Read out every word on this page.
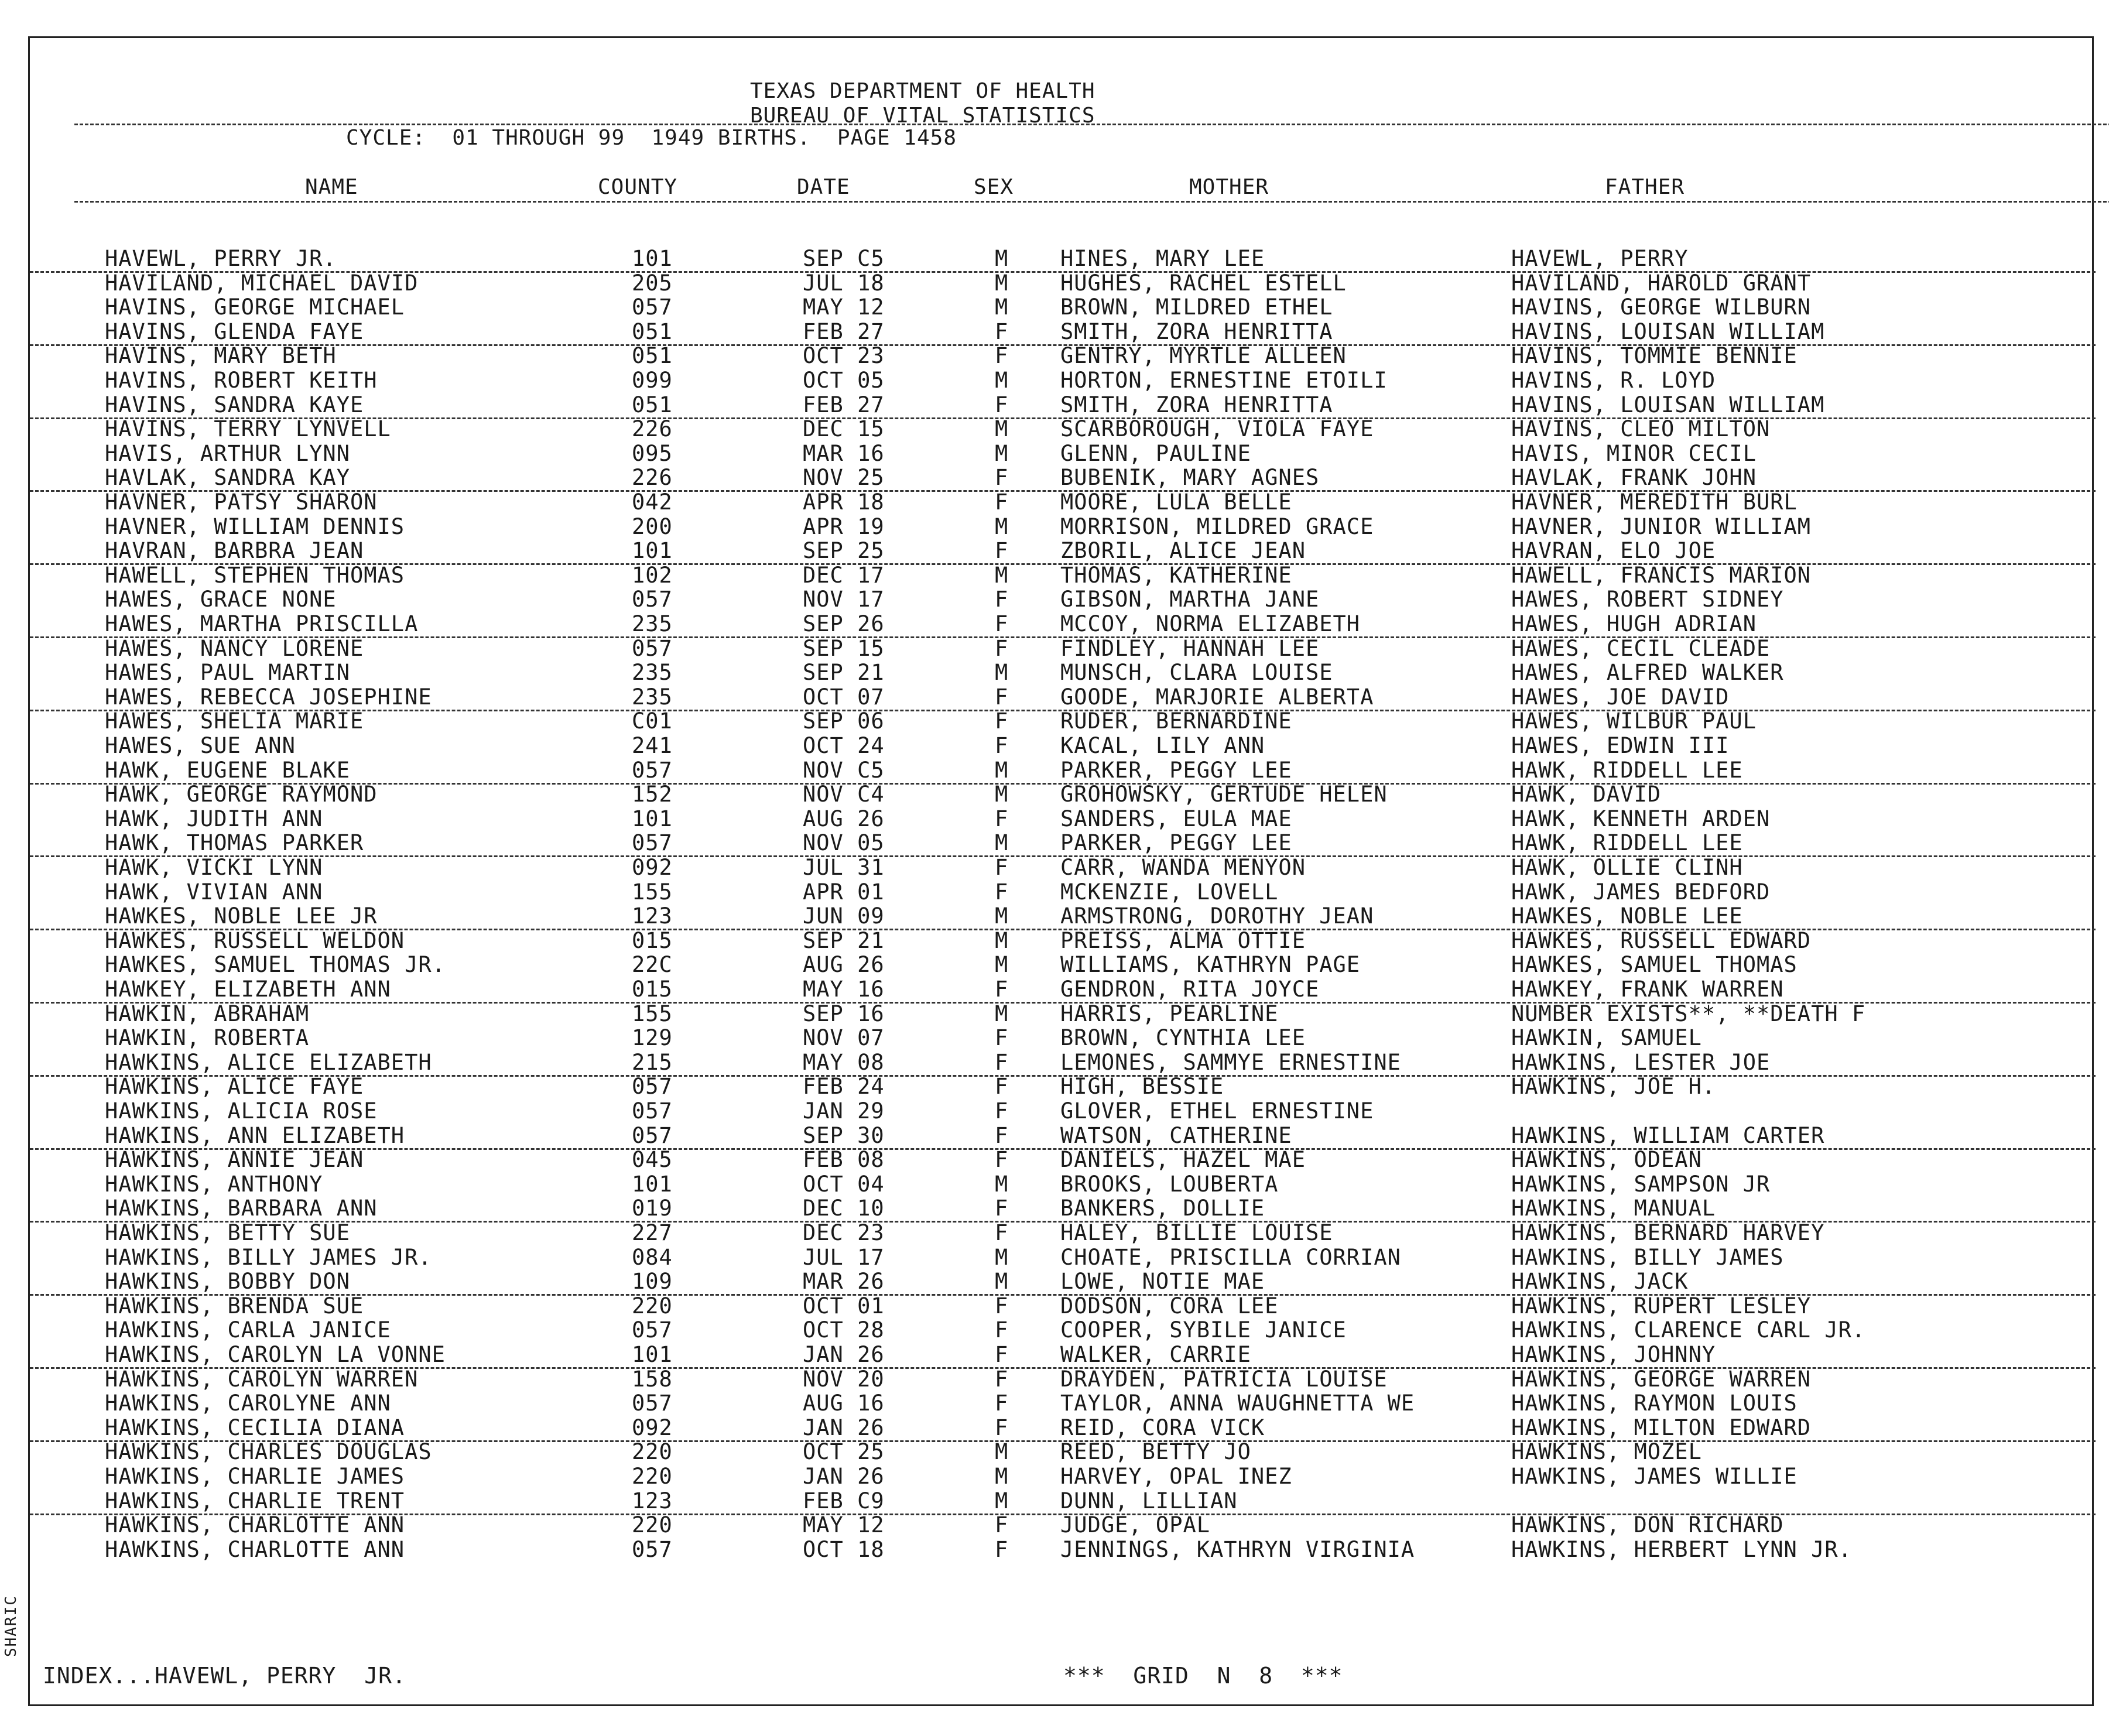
TEXAS DEPARTMENT OF HEALTH
BUREAU OF VITAL STATISTICS
CYCLE:  01 THROUGH 99  1949 BIRTHS.  PAGE 1458
NAME	COUNTY	DATE	SEX	MOTHER	FATHER
HAVEWL, PERRY JR.	101	SEP C5	M HINES, MARY LEE	HAVEWL, PERRY
HAVILAND, MICHAEL DAVID	205	JUL 18	M HUGHES, RACHEL ESTELL	HAVILAND, HAROLD GRANT
HAVINS, GEORGE MICHAEL	057	MAY 12	M BROWN, MILDRED ETHEL	HAVINS, GEORGE WILBURN
HAVINS, GLENDA FAYE	051	FEB 27	F SMITH, ZORA HENRITTA	HAVINS, LOUISAN WILLIAM
HAVINS, MARY BETH	051	OCT 23	F GENTRY, MYRTLE ALLEEN	HAVINS, TOMMIE BENNIE
HAVINS, ROBERT KEITH	099	OCT 05	M HORTON, ERNESTINE ETOILI	HAVINS, R. LOYD
HAVINS, SANDRA KAYE	051	FEB 27	F SMITH, ZORA HENRITTA	HAVINS, LOUISAN WILLIAM
HAVINS, TERRY LYNVELL	226	DEC 15	M SCARBOROUGH, VIOLA FAYE	HAVINS, CLEO MILTON
HAVIS, ARTHUR LYNN	095	MAR 16	M GLENN, PAULINE	HAVIS, MINOR CECIL
HAVLAK, SANDRA KAY	226	NOV 25	F BUBENIK, MARY AGNES	HAVLAK, FRANK JOHN
HAVNER, PATSY SHARON	042	APR 18	F MOORE, LULA BELLE	HAVNER, MEREDITH BURL
HAVNER, WILLIAM DENNIS	200	APR 19	M MORRISON, MILDRED GRACE	HAVNER, JUNIOR WILLIAM
HAVRAN, BARBRA JEAN	101	SEP 25	F ZBORIL, ALICE JEAN	HAVRAN, ELO JOE
HAWELL, STEPHEN THOMAS	102	DEC 17	M THOMAS, KATHERINE	HAWELL, FRANCIS MARION
HAWES, GRACE NONE	057	NOV 17	F GIBSON, MARTHA JANE	HAWES, ROBERT SIDNEY
HAWES, MARTHA PRISCILLA	235	SEP 26	F MCCOY, NORMA ELIZABETH	HAWES, HUGH ADRIAN
HAWES, NANCY LORENE	057	SEP 15	F FINDLEY, HANNAH LEE	HAWES, CECIL CLEADE
HAWES, PAUL MARTIN	235	SEP 21	M MUNSCH, CLARA LOUISE	HAWES, ALFRED WALKER
HAWES, REBECCA JOSEPHINE	235	OCT 07	F GOODE, MARJORIE ALBERTA	HAWES, JOE DAVID
HAWES, SHELIA MARIE	C01	SEP 06	F RUDER, BERNARDINE	HAWES, WILBUR PAUL
HAWES, SUE ANN	241	OCT 24	F KACAL, LILY ANN	HAWES, EDWIN III
HAWK, EUGENE BLAKE	057	NOV C5	M PARKER, PEGGY LEE	HAWK, RIDDELL LEE
HAWK, GEORGE RAYMOND	152	NOV C4	M GROHOWSKY, GERTUDE HELEN	HAWK, DAVID
HAWK, JUDITH ANN	101	AUG 26	F SANDERS, EULA MAE	HAWK, KENNETH ARDEN
HAWK, THOMAS PARKER	057	NOV 05	M PARKER, PEGGY LEE	HAWK, RIDDELL LEE
HAWK, VICKI LYNN	092	JUL 31	F CARR, WANDA MENYON	HAWK, OLLIE CLINH
HAWK, VIVIAN ANN	155	APR 01	F MCKENZIE, LOVELL	HAWK, JAMES BEDFORD
HAWKES, NOBLE LEE JR	123	JUN 09	M ARMSTRONG, DOROTHY JEAN	HAWKES, NOBLE LEE
HAWKES, RUSSELL WELDON	015	SEP 21	M PREISS, ALMA OTTIE	HAWKES, RUSSELL EDWARD
HAWKES, SAMUEL THOMAS JR.	22C	AUG 26	M WILLIAMS, KATHRYN PAGE	HAWKES, SAMUEL THOMAS
HAWKEY, ELIZABETH ANN	015	MAY 16	F GENDRON, RITA JOYCE	HAWKEY, FRANK WARREN
HAWKIN, ABRAHAM	155	SEP 16	M HARRIS, PEARLINE	NUMBER EXISTS**, **DEATH F
HAWKIN, ROBERTA	129	NOV 07	F BROWN, CYNTHIA LEE	HAWKIN, SAMUEL
HAWKINS, ALICE ELIZABETH	215	MAY 08	F LEMONES, SAMMYE ERNESTINE	HAWKINS, LESTER JOE
HAWKINS, ALICE FAYE	057	FEB 24	F HIGH, BESSIE	HAWKINS, JOE H.
HAWKINS, ALICIA ROSE	057	JAN 29	F GLOVER, ETHEL ERNESTINE
HAWKINS, ANN ELIZABETH	057	SEP 30	F WATSON, CATHERINE	HAWKINS, WILLIAM CARTER
HAWKINS, ANNIE JEAN	045	FEB 08	F DANIELS, HAZEL MAE	HAWKINS, ODEAN
HAWKINS, ANTHONY	101	OCT 04	M BROOKS, LOUBERTA	HAWKINS, SAMPSON JR
HAWKINS, BARBARA ANN	019	DEC 10	F BANKERS, DOLLIE	HAWKINS, MANUAL
HAWKINS, BETTY SUE	227	DEC 23	F HALEY, BILLIE LOUISE	HAWKINS, BERNARD HARVEY
HAWKINS, BILLY JAMES JR.	084	JUL 17	M CHOATE, PRISCILLA CORRIAN	HAWKINS, BILLY JAMES
HAWKINS, BOBBY DON	109	MAR 26	M LOWE, NOTIE MAE	HAWKINS, JACK
HAWKINS, BRENDA SUE	220	OCT 01	F DODSON, CORA LEE	HAWKINS, RUPERT LESLEY
HAWKINS, CARLA JANICE	057	OCT 28	F COOPER, SYBILE JANICE	HAWKINS, CLARENCE CARL JR.
HAWKINS, CAROLYN LA VONNE	101	JAN 26	F WALKER, CARRIE	HAWKINS, JOHNNY
HAWKINS, CAROLYN WARREN	158	NOV 20	F DRAYDEN, PATRICIA LOUISE	HAWKINS, GEORGE WARREN
HAWKINS, CAROLYNE ANN	057	AUG 16	F TAYLOR, ANNA WAUGHNETTA WE	HAWKINS, RAYMON LOUIS
HAWKINS, CECILIA DIANA	092	JAN 26	F REID, CORA VICK	HAWKINS, MILTON EDWARD
HAWKINS, CHARLES DOUGLAS	220	OCT 25	M REED, BETTY JO	HAWKINS, MOZEL
HAWKINS, CHARLIE JAMES	220	JAN 26	M HARVEY, OPAL INEZ	HAWKINS, JAMES WILLIE
HAWKINS, CHARLIE TRENT	123	FEB C9	M DUNN, LILLIAN
HAWKINS, CHARLOTTE ANN	220	MAY 12	F JUDGE, OPAL	HAWKINS, DON RICHARD
HAWKINS, CHARLOTTE ANN	057	OCT 18	F JENNINGS, KATHRYN VIRGINIA	HAWKINS, HERBERT LYNN JR.
INDEX...HAVEWL, PERRY  JR.	***  GRID  N  8  ***
SHARIC
